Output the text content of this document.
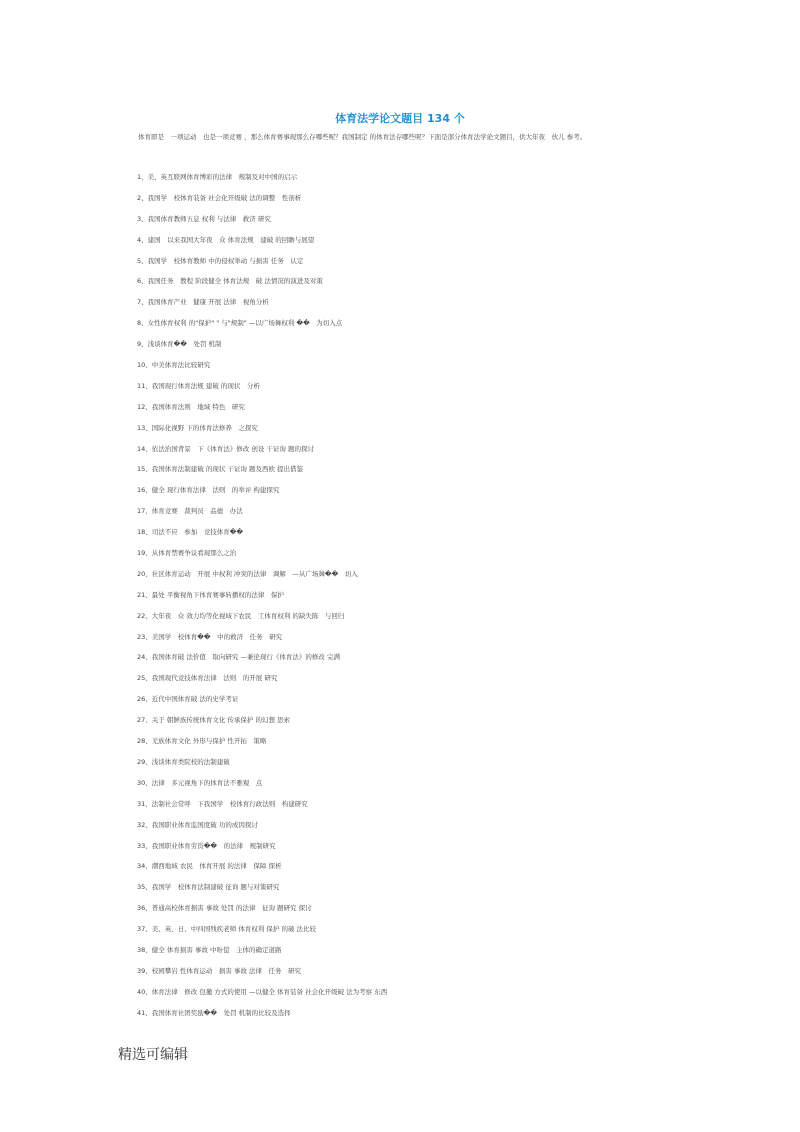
体育法学论文题目 134 个
体育即是　一项运动　也是一项竞赛 ，那么体育赛事现那么存哪些呢？我国制定 的体育法存哪些呢？下面是部分体育法学论文题目，供大年夜　伙儿 参考。
1、美、英互联网体育博彩的法律　规制及对中国的启示
2、我国学　校体育装备 社会化开级破 法的调整　性剖析
3、我国体育教师五息 权利 与法律　救济 研究
4、建国　以来我国大年夜　众 体育法规　建破 的回瞻与展望
5、我国学　校体育教师 中的侵权举动 与损害 任务　认定
6、我国任务　教程 阶段健全 体育法规　破 法情况的演进及对策
7、我国体育产业　健康 开展 法律　视角分析
8、女性体育权利 的"保护" " 与"规制" —以广场舞权利 ��　为切入点
9、浅谈体育��　处罚 机制
10、中美体育法比较研究
11、我国现行体育法规 建破 的现状　分析
12、我国体育法则　地域 特色　研究
13、国际化视野 下的体育法修养　之探究
14、依法治国背景　下《体育法》修改 创设 干证询 题的探讨
15、我国体育法制建破 的现状 干证询 题及西欧 提出借鉴
16、健全 现行体育法律　法则　的举评 构建探究
17、体育竞赛　裁判员　品德　办法
18、司法不应　参加　竞技体育��
19、从体育禁赛争议看现那么之治
20、社区体育运动　开展 中权利 冲突的法律　调解　—从广场舞��　切入
21、最处 平衡视角下体育赛事转播权的法律　保护
22、大年夜　众 效力均等化视域下农民　工体育权利 的缺失陈　与回归
23、美国学　校体育��　中的救济　任务　研究
24、我国体育破 法价值　取向研究 —兼论现行《体育法》的修改 完满
25、我国现代竞技体育法律　法则　的开展 研究
26、近代中国体育破 法的史学考证
27、关于 朝鲜族传统体育文化 传承保护 的幻想 思索
28、羌族体育文化 外形与保护 性开拓　策略
29、浅谈体育类院校的法制建破
30、法律　多元视角下的体育法不雅观　点
31、法制社会常呼　下我国学　校体育行政法则　构建研究
32、我国职业体育监国度破 功的成因探讨
33、我国职业体育劳资��　的法律　规制研究
34、潮西地域 农民　体育开展 的法律　保障 探析
35、我国学　校体育法制建破 征询 题与对策研究
36、普通高校体育损害 事故 处罚 的法律　征询 题研究 探讨
37、美、英、日、中四国残疾老师 体育权利 保护 的破 法比较
38、健全 体育损害 事故 中吩偿　主体的确定道路
39、校园攀岩 性体育运动　损害 事故 法律　任务　研究
40、体育法律　修改 包撤 方式的使用 —以健全 体育装备 社会化开级破 法为考察 东西
41、我国体育社团奖励��　处罚 机制的比较及选择
精选可编辑
